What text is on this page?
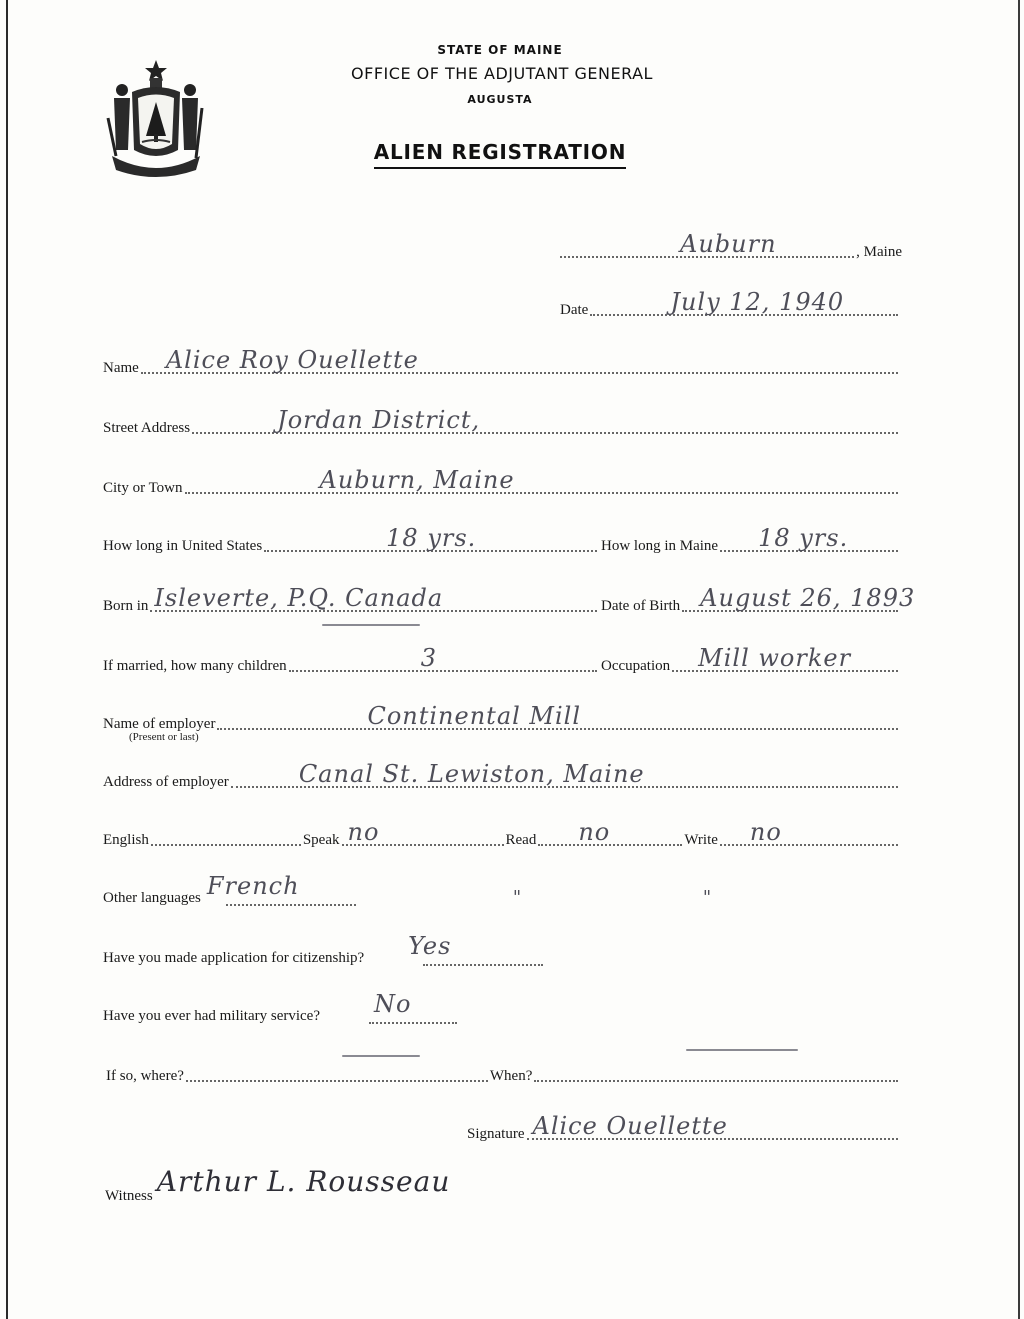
STATE OF MAINE
OFFICE OF THE ADJUTANT GENERAL
AUGUSTA
ALIEN REGISTRATION
Auburn	, Maine
Date	July 12, 1940
Name Alice Roy Ouellette
Street Address	Jordan District,
City or Town	Auburn, Maine
How long in United States	18 yrs.	How long in Maine 18 yrs.
Born in Isleverte, P.Q. Canada	Date of Birth August 26, 1893
If married, how many children	3	Occupation Mill worker
Name of employer	Continental Mill
(Present or last)
Address of employer	Canal St. Lewiston, Maine
English	Speak no	Read no	Write no
Other languages French	"	"
Have you made application for citizenship? Yes
Have you ever had military service? No
If so, where?	When?
Signature Alice Ouellette
Witness Arthur L. Rousseau
